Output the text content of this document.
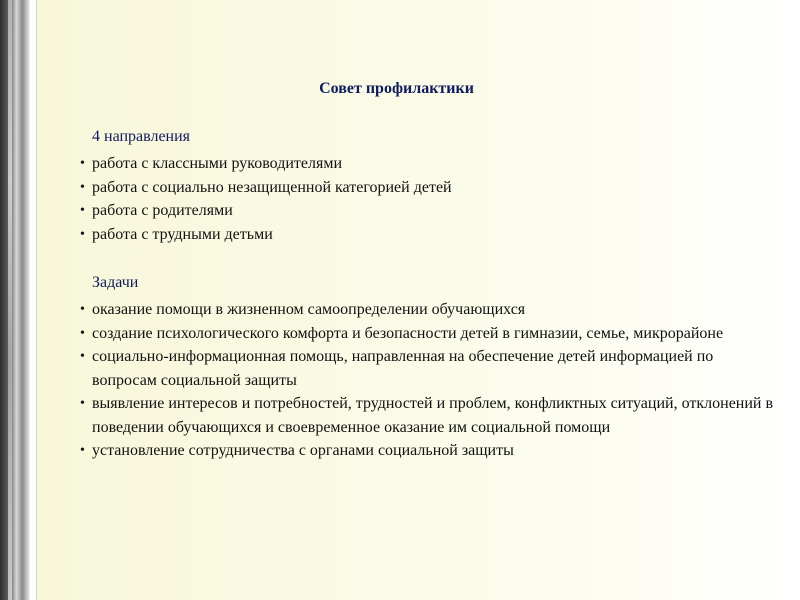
Совет профилактики

4 направления

• работа с классными руководителями
• работа с социально незащищенной категорией детей
• работа с родителями
• работа с трудными детьми

Задачи

• оказание помощи в жизненном самоопределении обучающихся
• создание психологического комфорта и безопасности детей в гимназии, семье, микрорайоне
• социально-информационная помощь, направленная на обеспечение детей информацией по вопросам социальной защиты
• выявление интересов и потребностей, трудностей и проблем, конфликтных ситуаций, отклонений в поведении обучающихся и своевременное оказание им социальной помощи
• установление сотрудничества с органами социальной защиты
